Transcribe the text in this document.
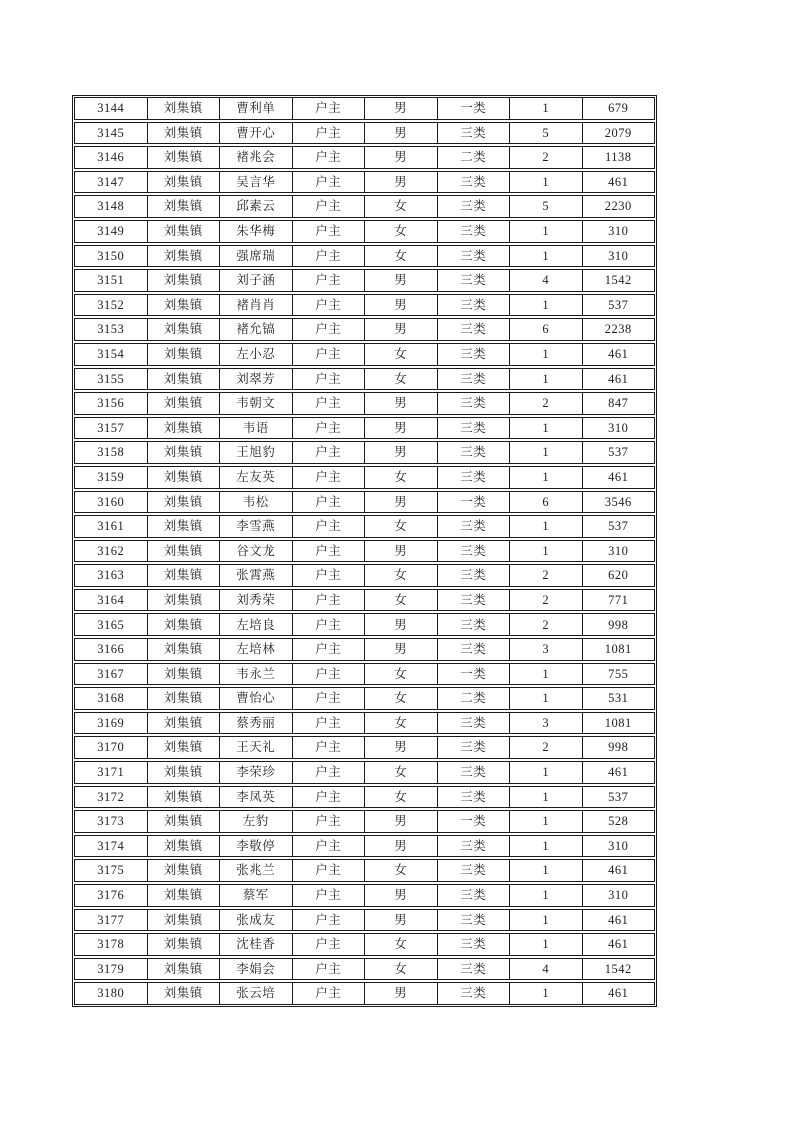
3144	刘集镇	曹利单	户主	男	一类	1	679
3145	刘集镇	曹开心	户主	男	三类	5	2079
3146	刘集镇	褚兆会	户主	男	二类	2	1138
3147	刘集镇	吴言华	户主	男	三类	1	461
3148	刘集镇	邱素云	户主	女	三类	5	2230
3149	刘集镇	朱华梅	户主	女	三类	1	310
3150	刘集镇	强席瑞	户主	女	三类	1	310
3151	刘集镇	刘子涵	户主	男	三类	4	1542
3152	刘集镇	褚肖肖	户主	男	三类	1	537
3153	刘集镇	褚允镐	户主	男	三类	6	2238
3154	刘集镇	左小忍	户主	女	三类	1	461
3155	刘集镇	刘翠芳	户主	女	三类	1	461
3156	刘集镇	韦朝文	户主	男	三类	2	847
3157	刘集镇	韦语	户主	男	三类	1	310
3158	刘集镇	王旭豹	户主	男	三类	1	537
3159	刘集镇	左友英	户主	女	三类	1	461
3160	刘集镇	韦松	户主	男	一类	6	3546
3161	刘集镇	李雪燕	户主	女	三类	1	537
3162	刘集镇	谷文龙	户主	男	三类	1	310
3163	刘集镇	张霄燕	户主	女	三类	2	620
3164	刘集镇	刘秀荣	户主	女	三类	2	771
3165	刘集镇	左培良	户主	男	三类	2	998
3166	刘集镇	左培林	户主	男	三类	3	1081
3167	刘集镇	韦永兰	户主	女	一类	1	755
3168	刘集镇	曹怡心	户主	女	二类	1	531
3169	刘集镇	蔡秀丽	户主	女	三类	3	1081
3170	刘集镇	王天礼	户主	男	三类	2	998
3171	刘集镇	李荣珍	户主	女	三类	1	461
3172	刘集镇	李凤英	户主	女	三类	1	537
3173	刘集镇	左豹	户主	男	一类	1	528
3174	刘集镇	李敬停	户主	男	三类	1	310
3175	刘集镇	张兆兰	户主	女	三类	1	461
3176	刘集镇	蔡军	户主	男	三类	1	310
3177	刘集镇	张成友	户主	男	三类	1	461
3178	刘集镇	沈桂香	户主	女	三类	1	461
3179	刘集镇	李娟会	户主	女	三类	4	1542
3180	刘集镇	张云培	户主	男	三类	1	461
